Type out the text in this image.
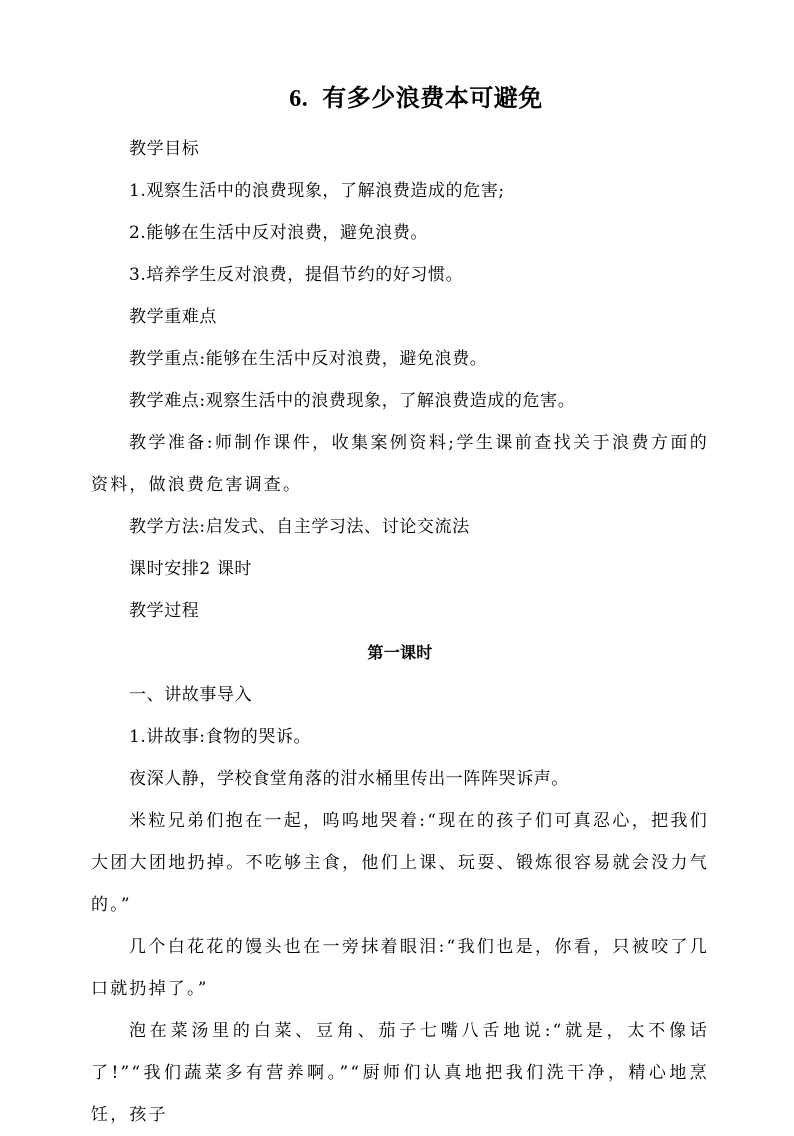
6. 有多少浪费本可避免

教学目标

1.观察生活中的浪费现象，了解浪费造成的危害;

2.能够在生活中反对浪费，避免浪费。

3.培养学生反对浪费，提倡节约的好习惯。

教学重难点

教学重点:能够在生活中反对浪费，避免浪费。

教学难点:观察生活中的浪费现象，了解浪费造成的危害。

教学准备:师制作课件，收集案例资料;学生课前查找关于浪费方面的资料，做浪费危害调查。

教学方法:启发式、自主学习法、讨论交流法

课时安排2 课时

教学过程

第一课时

一、讲故事导入

1.讲故事:食物的哭诉。

夜深人静，学校食堂角落的泔水桶里传出一阵阵哭诉声。

米粒兄弟们抱在一起，呜呜地哭着:“现在的孩子们可真忍心，把我们大团大团地扔掉。不吃够主食，他们上课、玩耍、锻炼很容易就会没力气的。”

几个白花花的馒头也在一旁抹着眼泪:“我们也是，你看，只被咬了几口就扔掉了。”

泡在菜汤里的白菜、豆角、茄子七嘴八舌地说:“就是，太不像话了!”“我们蔬菜多有营养啊。”“厨师们认真地把我们洗干净，精心地烹饪，孩子
